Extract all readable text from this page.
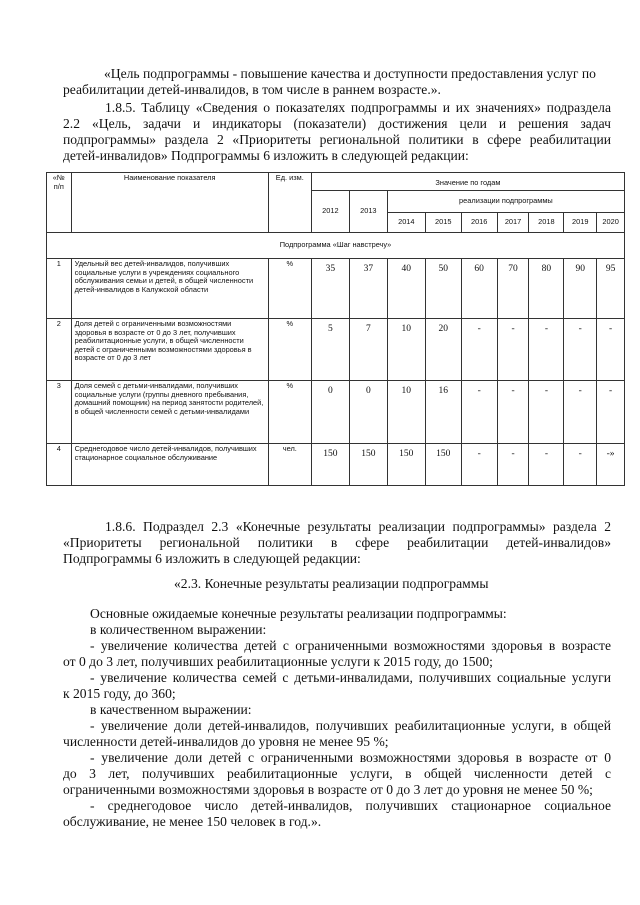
«Цель подпрограммы - повышение качества и доступности предоставления услуг по
реабилитации детей-инвалидов, в том числе в раннем возрасте.».
1.8.5. Таблицу «Сведения о показателях подпрограммы и их значениях» подраздела
2.2 «Цель, задачи и индикаторы (показатели) достижения цели и решения задач
подпрограммы» раздела 2 «Приоритеты региональной политики в сфере реабилитации
детей-инвалидов» Подпрограммы 6 изложить в следующей редакции:
«№ п/п	Наименование показателя	Ед. изм.	Значение по годам								
			2012	2013	реализации подпрограммы						
					2014	2015	2016	2017	2018	2019	2020
Подпрограмма «Шаг навстречу»											
1	Удельный вес детей-инвалидов, получивших социальные услуги в учреждениях социального обслуживания семьи и детей, в общей численности детей-инвалидов в Калужской области	%	35	37	40	50	60	70	80	90	95
2	Доля детей с ограниченными возможностями здоровья в возрасте от 0 до 3 лет, получивших реабилитационные услуги, в общей численности детей с ограниченными возможностями здоровья в возрасте от 0 до 3 лет	%	5	7	10	20	-	-	-	-	-
3	Доля семей с детьми-инвалидами, получивших социальные услуги (группы дневного пребывания, домашний помощник) на период занятости родителей, в общей численности семей с детьми-инвалидами	%	0	0	10	16	-	-	-	-	-
4	Среднегодовое число детей-инвалидов, получивших стационарное социальное обслуживание	чел.	150	150	150	150	-	-	-	-	-»
1.8.6. Подраздел 2.3 «Конечные результаты реализации подпрограммы» раздела 2
«Приоритеты региональной политики в сфере реабилитации детей-инвалидов»
Подпрограммы 6 изложить в следующей редакции:
«2.3. Конечные результаты реализации подпрограммы
Основные ожидаемые конечные результаты реализации подпрограммы:
в количественном выражении:
- увеличение количества детей с ограниченными возможностями здоровья в возрасте
от 0 до 3 лет, получивших реабилитационные услуги к 2015 году, до 1500;
- увеличение количества семей с детьми-инвалидами, получивших социальные услуги
к 2015 году, до 360;
в качественном выражении:
- увеличение доли детей-инвалидов, получивших реабилитационные услуги, в общей
численности детей-инвалидов до уровня не менее 95 %;
- увеличение доли детей с ограниченными возможностями здоровья в возрасте от 0
до 3 лет, получивших реабилитационные услуги, в общей численности детей с
ограниченными возможностями здоровья в возрасте от 0 до 3 лет до уровня не менее 50 %;
- среднегодовое число детей-инвалидов, получивших стационарное социальное
обслуживание, не менее 150 человек в год.».
